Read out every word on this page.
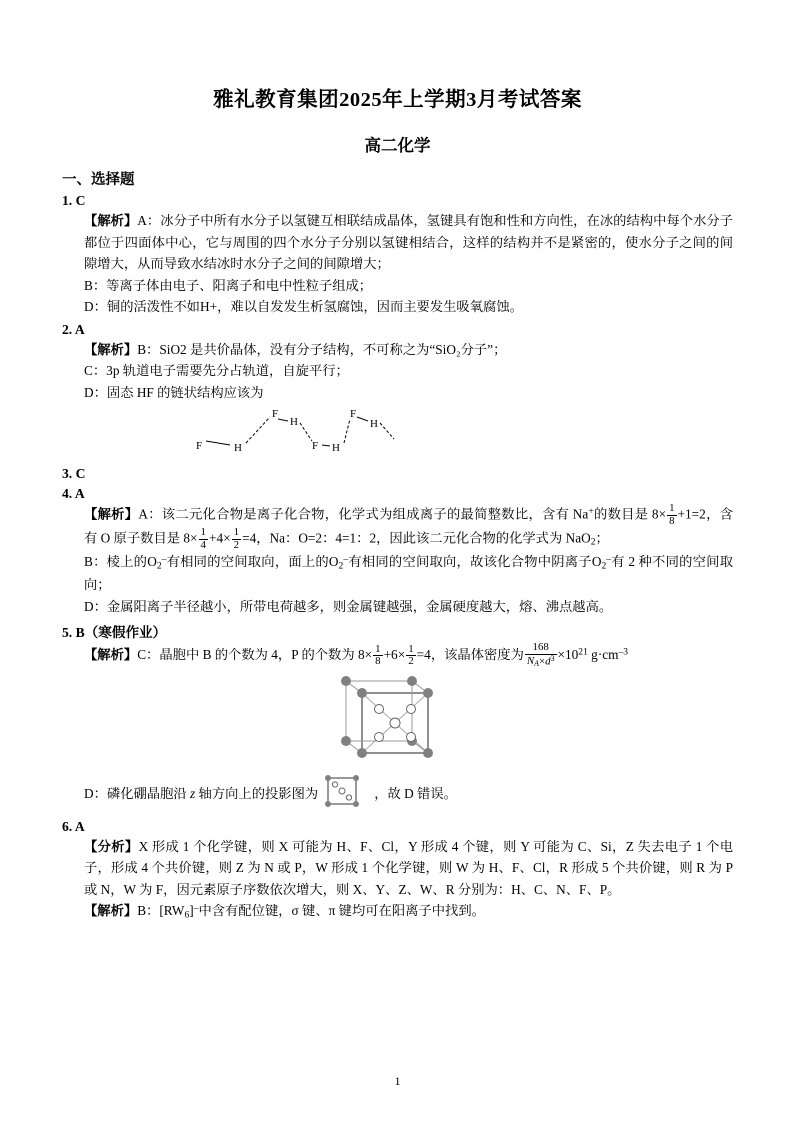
雅礼教育集团2025年上学期3月考试答案
高二化学
一、选择题
1. C

【解析】A：冰分子中所有水分子以氢键互相联结成晶体，氢键具有饱和性和方向性，在冰的结构中每个水分子都位于四面体中心，它与周围的四个水分子分别以氢键相结合，这样的结构并不是紧密的，使水分子之间的间隙增大，从而导致水结冰时水分子之间的间隙增大；

B：等离子体由电子、阳离子和电中性粒子组成；

D：铜的活泼性不如H+，难以自发发生析氢腐蚀，因而主要发生吸氧腐蚀。

2. A

【解析】B：SiO2 是共价晶体，没有分子结构，不可称之为“SiO₂分子”；

C：3p 轨道电子需要先分占轨道，自旋平行；

D：固态 HF 的链状结构应该为

F	F
F	F
H
H
H
H
3. C
4. A

【解析】A：该二元化合物是离子化合物，化学式为组成离子的最简整数比，含有 Na+的数目是 $8\times \frac{1}{8} +1=2$，含有 O 原子数目是 $8\times \frac{1}{4} +4\times \frac{1}{2} =4$，Na：O=2：4=1：2，因此该二元化合物的化学式为 NaO$_2$；

B：棱上的$O_2^-$有相同的空间取向，面上的$O_2^-$有相同的空间取向，故该化合物中阴离子$O_2^-$有 2 种不同的空间取向；

D：金属阳离子半径越小，所带电荷越多，则金属键越强，金属硬度越大，熔、沸点越高。

5. B（寒假作业）

【解析】C：晶胞中 B 的个数为 4，P 的个数为 $8\times \frac{1}{8} +6\times \frac{1}{2} =4$，该晶体密度为 $\frac{168}{N_A\times d^3} \times 10^{21}$ $g\cdot cm^{-3}$

D：磷化硼晶胞沿 z 轴方向上的投影图为	，故 D 错误。
6. A

【分析】X 形成 1 个化学键，则 X 可能为 H、F、Cl，Y 形成 4 个键，则 Y 可能为 C、Si，Z 失去电子 1 个电子，形成 4 个共价键，则 Z 为 N 或 P，W 形成 1 个化学键，则 W 为 H、F、Cl，R 形成 5 个共价键，则 R 为 P 或 N，W 为 F，因元素原子序数依次增大，则 X、Y、Z、W、R 分别为：H、C、N、F、P。

【解析】B：$[RW_6]^-$中含有配位键，σ 键、π 键均可在阳离子中找到。

1
